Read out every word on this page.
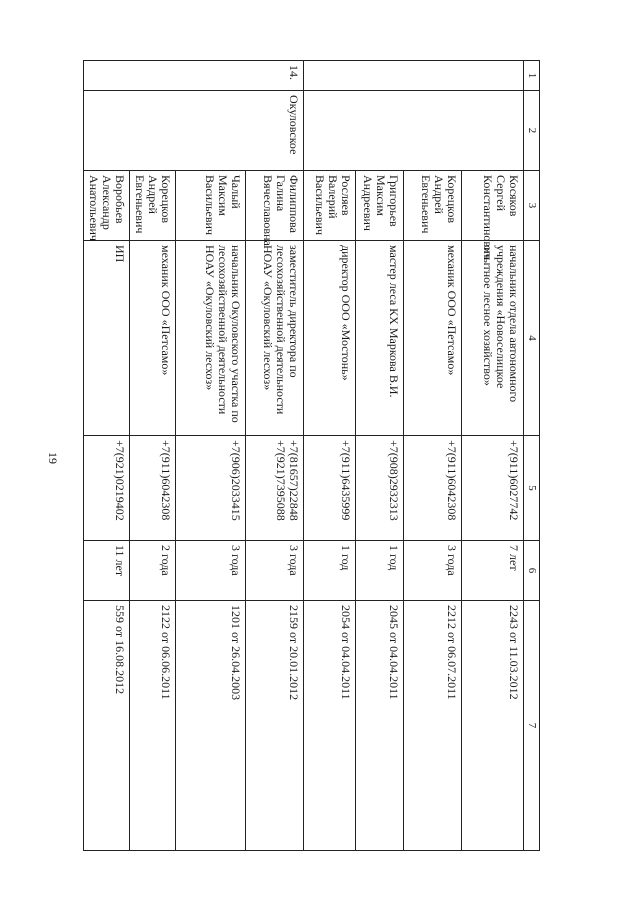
19
1	2	3	4	5	6	7
		Косяков Сергей Константинович	начальник отдела автономного учреждения «Новоселицкое опытное лесное хозяйство»	+7(911)6027742	7 лет	2243 от 11.03.2012
		Корецков Андрей Евгеньевич	механик ООО «Петсамо»	+7(911)6042308	3 года	2212 от 06.07.2011
		Григорьев Максим Андреевич	мастер леса КХ Маркова В.И.	+7(908)2932313	1 год	2045 от 04.04.2011
		Росляев Валерий Васильевич	директор ООО «Мостонь»	+7(911)6435999	1 год	2054 от 04.04.2011
14.	Окуловское	Филиппова Галина Вячеславовна	заместитель директора по лесохозяйственной деятельности НОАУ «Окуловский лесхоз»	+7(81657)22848 +7(921)7395088	3 года	2159 от 20.01.2012
		Чалый Максим Васильевич	начальник Окуловского участка по лесохозяйственной деятельности НОАУ «Окуловский лесхоз»	+7(906)2033415	3 года	1201 от 26.04.2003
		Корецков Андрей Евгеньевич	механик ООО «Петсамо»	+7(911)6042308	2 года	2122 от 06.06.2011
		Воробьев Александр Анатольевич	ИП	+7(921)0219402	11 лет	559 от 16.08.2012
